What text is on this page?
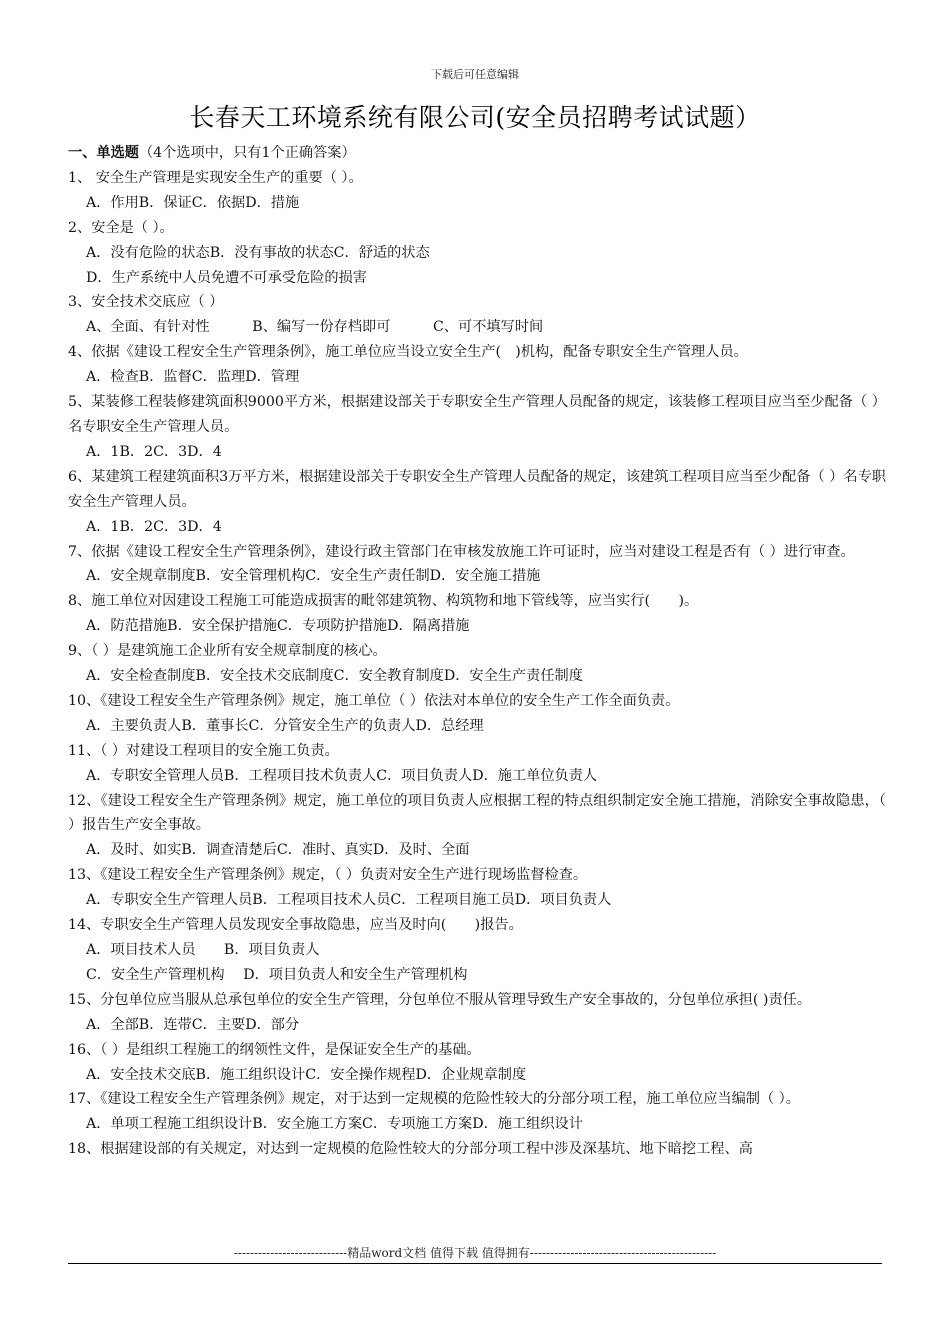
下载后可任意编辑
长春天工环境系统有限公司(安全员招聘考试试题）
一、单选题（4个选项中，只有1个正确答案）
1、 安全生产管理是实现安全生产的重要（ ）。
A．作用B．保证C．依据D．措施
2、安全是（ ）。
A．没有危险的状态B．没有事故的状态C．舒适的状态
D．生产系统中人员免遭不可承受危险的损害
3、安全技术交底应（ ）
A、全面、有针对性　　　B、编写一份存档即可　　　C、可不填写时间
4、依据《建设工程安全生产管理条例》，施工单位应当设立安全生产(　)机构，配备专职安全生产管理人员。
A．检查B．监督C．监理D．管理
5、某装修工程装修建筑面积9000平方米，根据建设部关于专职安全生产管理人员配备的规定，该装修工程项目应当至少配备（ ）名专职安全生产管理人员。
A．1B．2C．3D．4
6、某建筑工程建筑面积3万平方米，根据建设部关于专职安全生产管理人员配备的规定，该建筑工程项目应当至少配备（ ）名专职安全生产管理人员。
A．1B．2C．3D．4
7、依据《建设工程安全生产管理条例》，建设行政主管部门在审核发放施工许可证时，应当对建设工程是否有（ ）进行审查。
A．安全规章制度B．安全管理机构C．安全生产责任制D．安全施工措施
8、施工单位对因建设工程施工可能造成损害的毗邻建筑物、构筑物和地下管线等，应当实行(　　)。
A．防范措施B．安全保护措施C．专项防护措施D．隔离措施
9、（ ）是建筑施工企业所有安全规章制度的核心。
A．安全检查制度B．安全技术交底制度C．安全教育制度D．安全生产责任制度
10、《建设工程安全生产管理条例》规定，施工单位（ ）依法对本单位的安全生产工作全面负责。
A．主要负责人B．董事长C．分管安全生产的负责人D．总经理
11、（ ）对建设工程项目的安全施工负责。
A．专职安全管理人员B．工程项目技术负责人C．项目负责人D．施工单位负责人
12、《建设工程安全生产管理条例》规定，施工单位的项目负责人应根据工程的特点组织制定安全施工措施，消除安全事故隐患，（ ）报告生产安全事故。
A．及时、如实B．调查清楚后C．准时、真实D．及时、全面
13、《建设工程安全生产管理条例》规定，（ ）负责对安全生产进行现场监督检查。
A．专职安全生产管理人员B．工程项目技术人员C．工程项目施工员D．项目负责人
14、专职安全生产管理人员发现安全事故隐患，应当及时向(　　)报告。
A．项目技术人员　　B．项目负责人
C．安全生产管理机构　 D．项目负责人和安全生产管理机构
15、分包单位应当服从总承包单位的安全生产管理，分包单位不服从管理导致生产安全事故的，分包单位承担( )责任。
A．全部B．连带C．主要D．部分
16、（ ）是组织工程施工的纲领性文件，是保证安全生产的基础。
A．安全技术交底B．施工组织设计C．安全操作规程D．企业规章制度
17、《建设工程安全生产管理条例》规定，对于达到一定规模的危险性较大的分部分项工程，施工单位应当编制（ ）。
A．单项工程施工组织设计B．安全施工方案C．专项施工方案D．施工组织设计
18、根据建设部的有关规定，对达到一定规模的危险性较大的分部分项工程中涉及深基坑、地下暗挖工程、高
----------------------------精品word文档 值得下载 值得拥有----------------------------------------------
